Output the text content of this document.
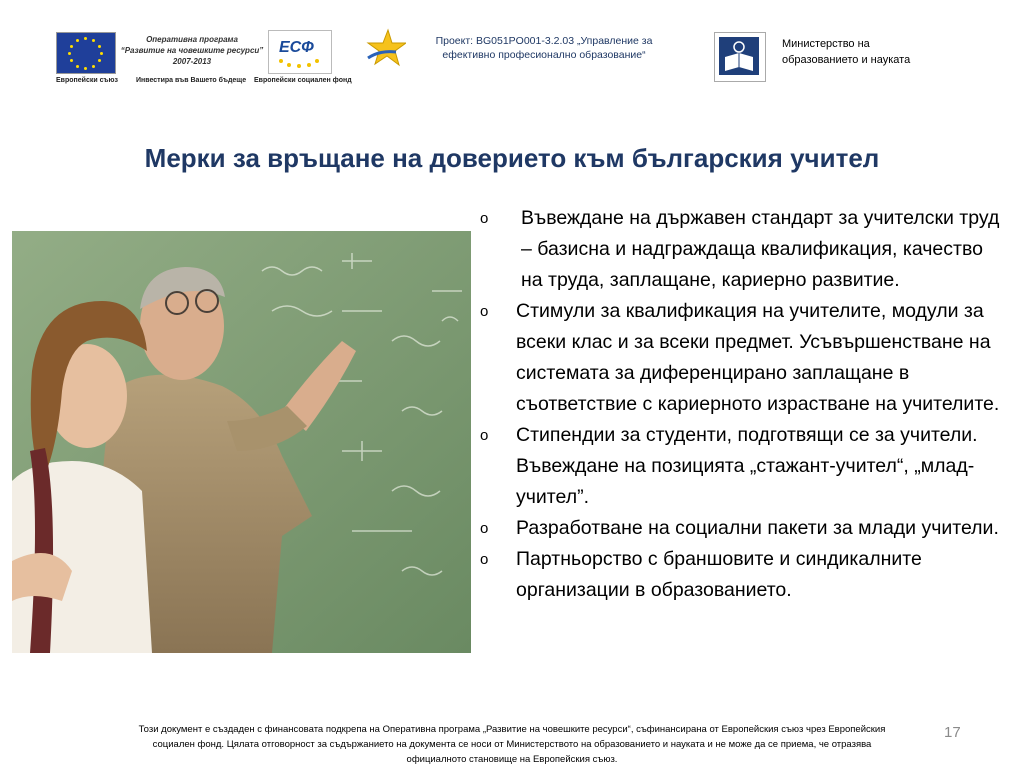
Европейски съюз
Оперативна програма
“Развитие на човешките ресурси”
2007-2013
Инвестира във Вашето бъдеще
ЕСФ
Европейски социален фонд
Проект: BG051PO001-3.2.03 „Управление за
ефективно професионално образование“
Министерство на
образованието и науката
Мерки за връщане на доверието към българския учител
o Въвеждане на държавен стандарт за учителски труд – базисна и надграждаща квалификация, качество на труда, заплащане, кариерно развитие.
o Стимули за квалификация на учителите, модули за всеки клас и за всеки предмет. Усъвършенстване на системата за диференцирано заплащане в съответствие с кариерното израстване на учителите.
o Стипендии за студенти, подготвящи се за учители. Въвеждане на позицията „стажант-учител“, „млад-учител”.
o Разработване на социални пакети за млади учители.
o Партньорство с браншовите и синдикалните организации в образованието.
17
Този документ е създаден с финансовата подкрепа на Оперативна програма „Развитие на човешките ресурси“, съфинансирана от Европейския съюз чрез Европейския
социален фонд. Цялата отговорност за съдържанието на документа се носи от Министерството на образованието и науката и не може да се приема, че отразява
официалното становище на Европейския съюз.
